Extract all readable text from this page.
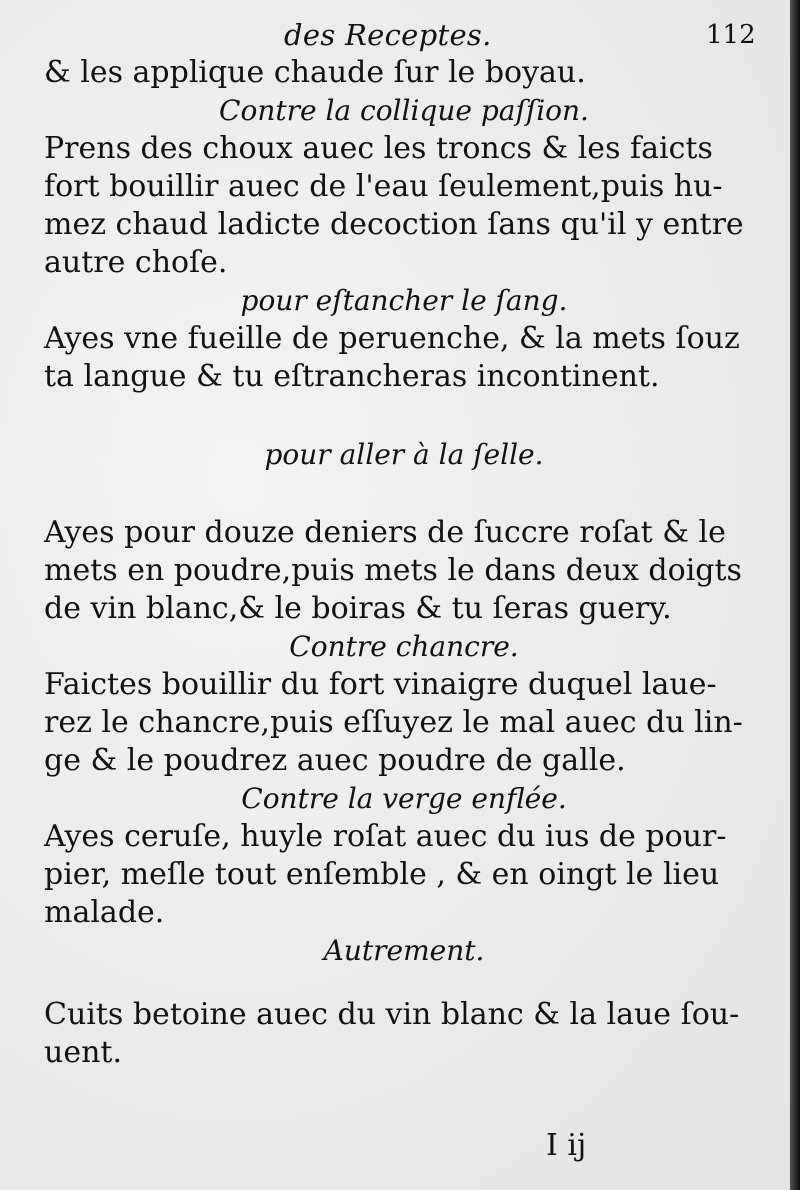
des Receptes.	112
& les applique chaude ſur le boyau.
Contre la collique paſſion.
Prens des choux auec les troncs & les faicts
fort bouillir auec de l'eau ſeulement,puis hu-
mez chaud ladicte decoction ſans qu'il y entre
autre choſe.
pour eſtancher le ſang.
Ayes vne fueille de peruenche, & la mets ſouz
ta langue & tu eſtrancheras incontinent.
pour aller à la ſelle.
Ayes pour douze deniers de ſuccre roſat & le
mets en poudre,puis mets le dans deux doigts
de vin blanc,& le boiras & tu ſeras guery.
Contre chancre.
Faictes bouillir du fort vinaigre duquel laue-
rez le chancre,puis eſſuyez le mal auec du lin-
ge & le poudrez auec poudre de galle.
Contre la verge enflée.
Ayes ceruſe, huyle roſat auec du ius de pour-
pier, meſle tout enſemble , & en oingt le lieu
malade.
Autrement.
Cuits betoine auec du vin blanc & la laue ſou-
uent.
I ij
